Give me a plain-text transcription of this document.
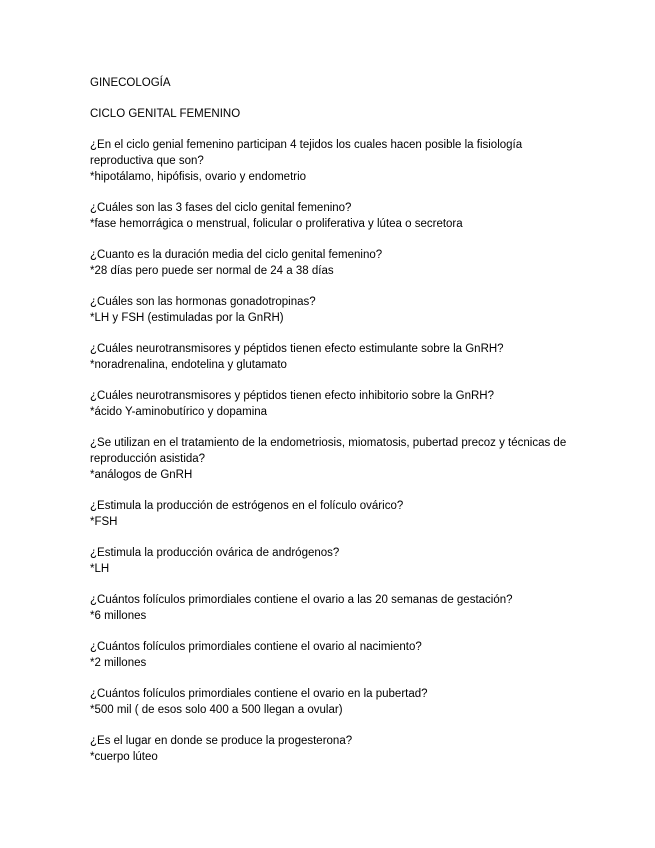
GINECOLOGÍA

CICLO GENITAL FEMENINO

¿En el ciclo genial femenino participan 4 tejidos los cuales hacen posible la fisiología reproductiva que son?

*hipotálamo, hipófisis, ovario y endometrio

¿Cuáles son las 3 fases del ciclo genital femenino?

*fase hemorrágica o menstrual, folicular o proliferativa y lútea o secretora

¿Cuanto es la duración media del ciclo genital femenino?

*28 días pero puede ser normal de 24 a 38 días

¿Cuáles son las hormonas gonadotropinas?

*LH y FSH (estimuladas por la GnRH)

¿Cuáles neurotransmisores y péptidos tienen efecto estimulante sobre la GnRH?

*noradrenalina, endotelina y glutamato

¿Cuáles neurotransmisores y péptidos tienen efecto inhibitorio sobre la GnRH?

*ácido Y-aminobutírico y dopamina

¿Se utilizan en el tratamiento de la endometriosis, miomatosis, pubertad precoz y técnicas de reproducción asistida?

*análogos de GnRH

¿Estimula la producción de estrógenos en el folículo ovárico?

*FSH

¿Estimula la producción ovárica de andrógenos?

*LH

¿Cuántos folículos primordiales contiene el ovario a las 20 semanas de gestación?

*6 millones

¿Cuántos folículos primordiales contiene el ovario al nacimiento?

*2 millones

¿Cuántos folículos primordiales contiene el ovario en la pubertad?

*500 mil ( de esos solo 400 a 500 llegan a ovular)

¿Es el lugar en donde se produce la progesterona?

*cuerpo lúteo
